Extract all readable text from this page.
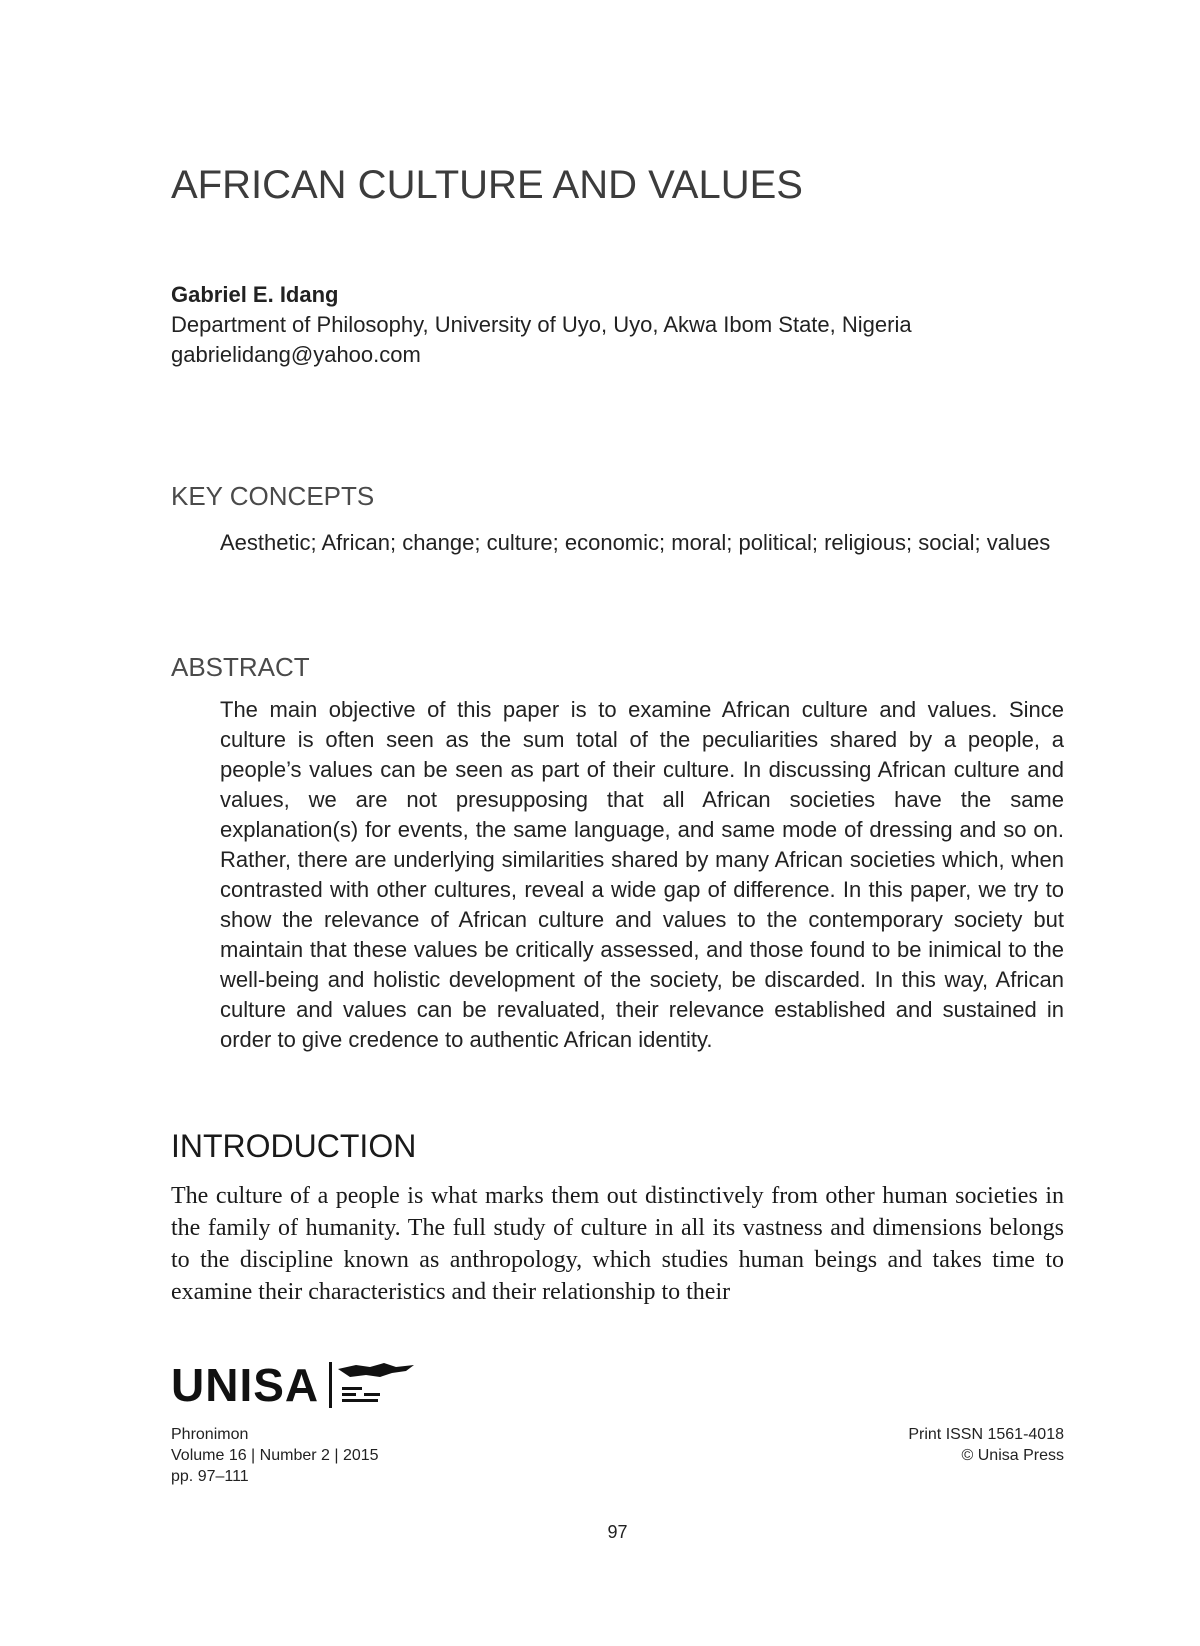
AFRICAN CULTURE AND VALUES
Gabriel E. Idang
Department of Philosophy, University of Uyo, Uyo, Akwa Ibom State, Nigeria
gabrielidang@yahoo.com
KEY CONCEPTS
Aesthetic; African; change; culture; economic; moral; political; religious; social; values
ABSTRACT
The main objective of this paper is to examine African culture and values. Since culture is often seen as the sum total of the peculiarities shared by a people, a people’s values can be seen as part of their culture. In discussing African culture and values, we are not presupposing that all African societies have the same explanation(s) for events, the same language, and same mode of dressing and so on. Rather, there are underlying similarities shared by many African societies which, when contrasted with other cultures, reveal a wide gap of difference. In this paper, we try to show the relevance of African culture and values to the contemporary society but maintain that these values be critically assessed, and those found to be inimical to the well-being and holistic development of the society, be discarded. In this way, African culture and values can be revaluated, their relevance established and sustained in order to give credence to authentic African identity.
INTRODUCTION
The culture of a people is what marks them out distinctively from other human societies in the family of humanity. The full study of culture in all its vastness and dimensions belongs to the discipline known as anthropology, which studies human beings and takes time to examine their characteristics and their relationship to their
UNISA
Phronimon
Volume 16 | Number 2 | 2015
pp. 97–111
Print ISSN 1561-4018
© Unisa Press
97
